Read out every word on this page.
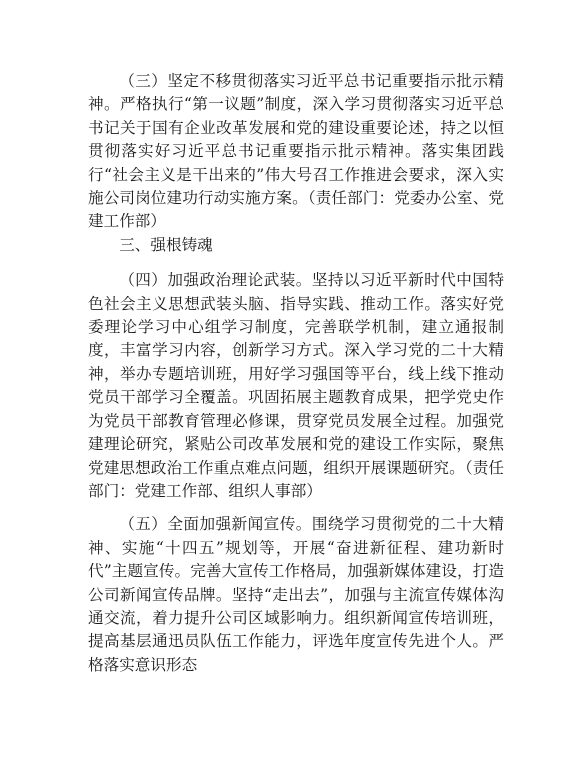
（三）坚定不移贯彻落实习近平总书记重要指示批示精神。严格执行“第一议题”制度，深入学习贯彻落实习近平总书记关于国有企业改革发展和党的建设重要论述，持之以恒贯彻落实好习近平总书记重要指示批示精神。落实集团践行“社会主义是干出来的”伟大号召工作推进会要求，深入实施公司岗位建功行动实施方案。（责任部门：党委办公室、党建工作部）

三、强根铸魂

（四）加强政治理论武装。坚持以习近平新时代中国特色社会主义思想武装头脑、指导实践、推动工作。落实好党委理论学习中心组学习制度，完善联学机制，建立通报制度，丰富学习内容，创新学习方式。深入学习党的二十大精神，举办专题培训班，用好学习强国等平台，线上线下推动党员干部学习全覆盖。巩固拓展主题教育成果，把学党史作为党员干部教育管理必修课，贯穿党员发展全过程。加强党建理论研究，紧贴公司改革发展和党的建设工作实际，聚焦党建思想政治工作重点难点问题，组织开展课题研究。（责任部门：党建工作部、组织人事部）

（五）全面加强新闻宣传。围绕学习贯彻党的二十大精神、实施“十四五”规划等，开展“奋进新征程、建功新时代”主题宣传。完善大宣传工作格局，加强新媒体建设，打造公司新闻宣传品牌。坚持“走出去”，加强与主流宣传媒体沟通交流，着力提升公司区域影响力。组织新闻宣传培训班，提高基层通迅员队伍工作能力，评选年度宣传先进个人。严格落实意识形态
